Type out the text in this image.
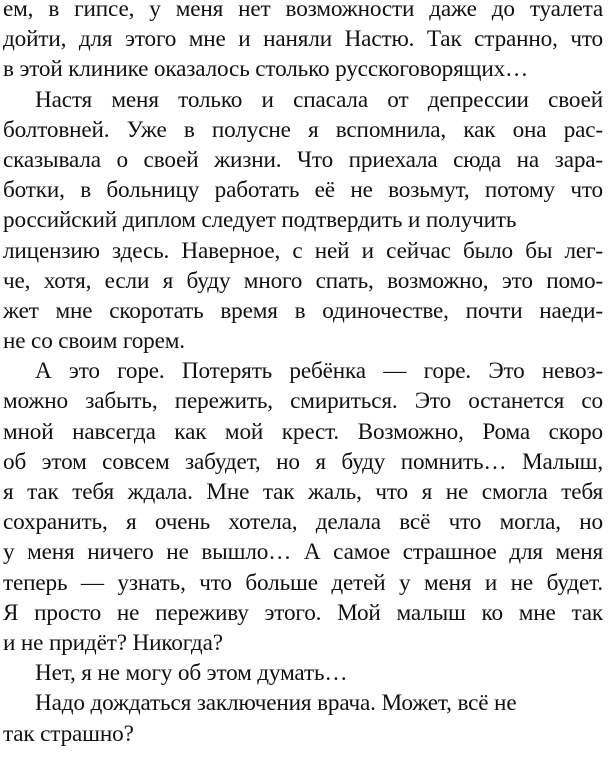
ем, в гипсе, у меня нет возможности даже до туалета
дойти, для этого мне и наняли Настю. Так странно, что
в этой клинике оказалось столько русскоговорящих…
Настя меня только и спасала от депрессии своей
болтовней. Уже в полусне я вспомнила, как она рас-
сказывала о своей жизни. Что приехала сюда на зара-
ботки, в больницу работать её не возьмут, потому что
российский диплом следует подтвердить и получить
лицензию здесь. Наверное, с ней и сейчас было бы лег-
че, хотя, если я буду много спать, возможно, это помо-
жет мне скоротать время в одиночестве, почти наеди-
не со своим горем.
А это горе. Потерять ребёнка — горе. Это невоз-
можно забыть, пережить, смириться. Это останется со
мной навсегда как мой крест. Возможно, Рома скоро
об этом совсем забудет, но я буду помнить… Малыш,
я так тебя ждала. Мне так жаль, что я не смогла тебя
сохранить, я очень хотела, делала всё что могла, но
у меня ничего не вышло… А самое страшное для меня
теперь — узнать, что больше детей у меня и не будет.
Я просто не переживу этого. Мой малыш ко мне так
и не придёт? Никогда?
Нет, я не могу об этом думать…
Надо дождаться заключения врача. Может, всё не
так страшно?
